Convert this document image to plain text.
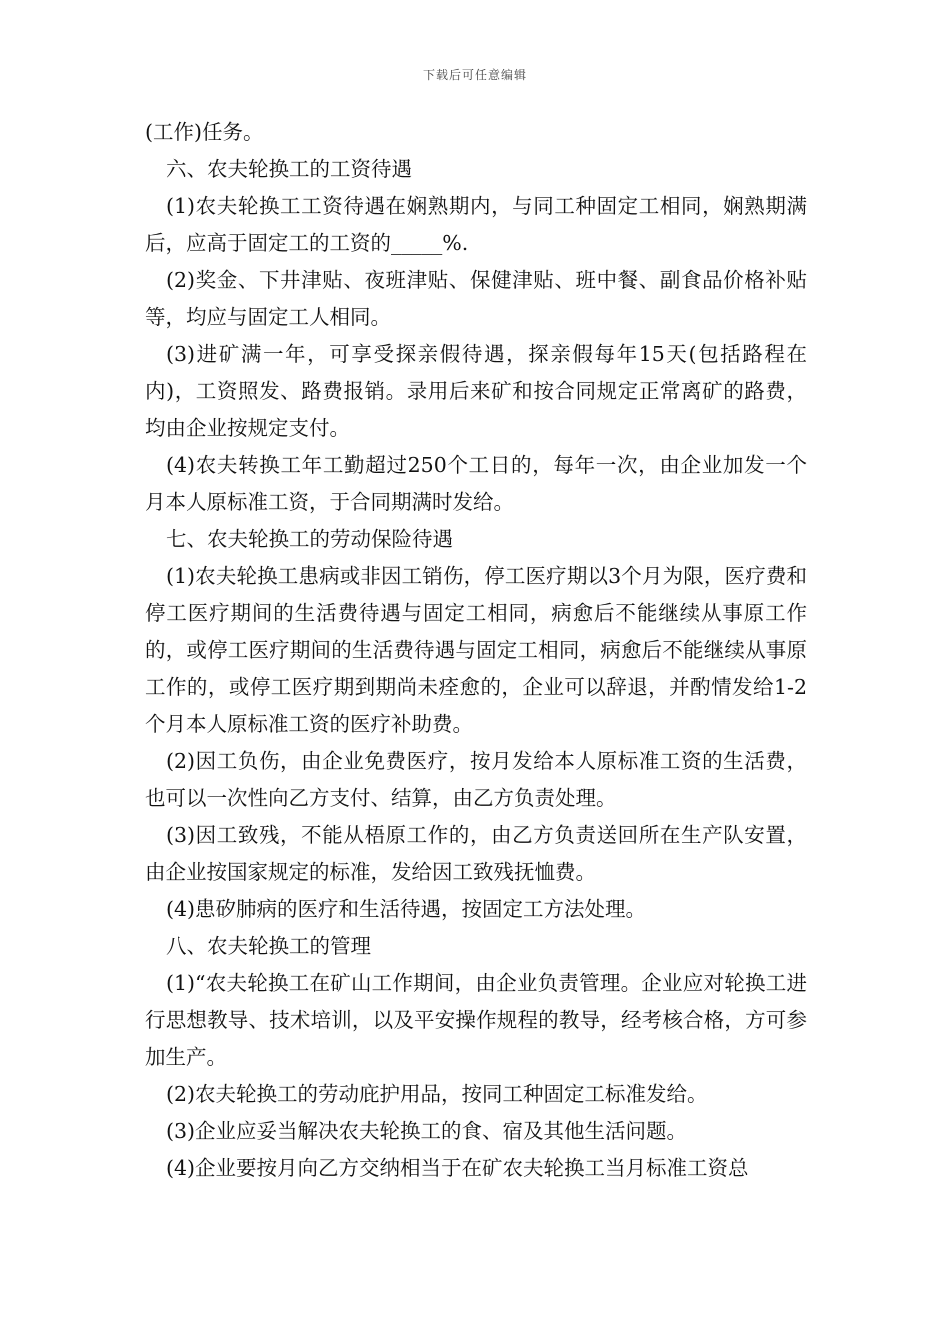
下载后可任意编辑

(工作)任务。

六、农夫轮换工的工资待遇

(1)农夫轮换工工资待遇在娴熟期内，与同工种固定工相同，娴熟期满后，应高于固定工的工资的_____%.

(2)奖金、下井津贴、夜班津贴、保健津贴、班中餐、副食品价格补贴等，均应与固定工人相同。

(3)进矿满一年，可享受探亲假待遇，探亲假每年15天(包括路程在内)，工资照发、路费报销。录用后来矿和按合同规定正常离矿的路费，均由企业按规定支付。

(4)农夫转换工年工勤超过250个工日的，每年一次，由企业加发一个月本人原标准工资，于合同期满时发给。

七、农夫轮换工的劳动保险待遇

(1)农夫轮换工患病或非因工销伤，停工医疗期以3个月为限，医疗费和停工医疗期间的生活费待遇与固定工相同，病愈后不能继续从事原工作的，或停工医疗期间的生活费待遇与固定工相同，病愈后不能继续从事原工作的，或停工医疗期到期尚未痊愈的，企业可以辞退，并酌情发给1-2个月本人原标准工资的医疗补助费。

(2)因工负伤，由企业免费医疗，按月发给本人原标准工资的生活费，也可以一次性向乙方支付、结算，由乙方负责处理。

(3)因工致残，不能从梧原工作的，由乙方负责送回所在生产队安置，由企业按国家规定的标准，发给因工致残抚恤费。

(4)患矽肺病的医疗和生活待遇，按固定工方法处理。

八、农夫轮换工的管理

(1)“农夫轮换工在矿山工作期间，由企业负责管理。企业应对轮换工进行思想教导、技术培训，以及平安操作规程的教导，经考核合格，方可参加生产。

(2)农夫轮换工的劳动庇护用品，按同工种固定工标准发给。

(3)企业应妥当解决农夫轮换工的食、宿及其他生活问题。

(4)企业要按月向乙方交纳相当于在矿农夫轮换工当月标准工资总
